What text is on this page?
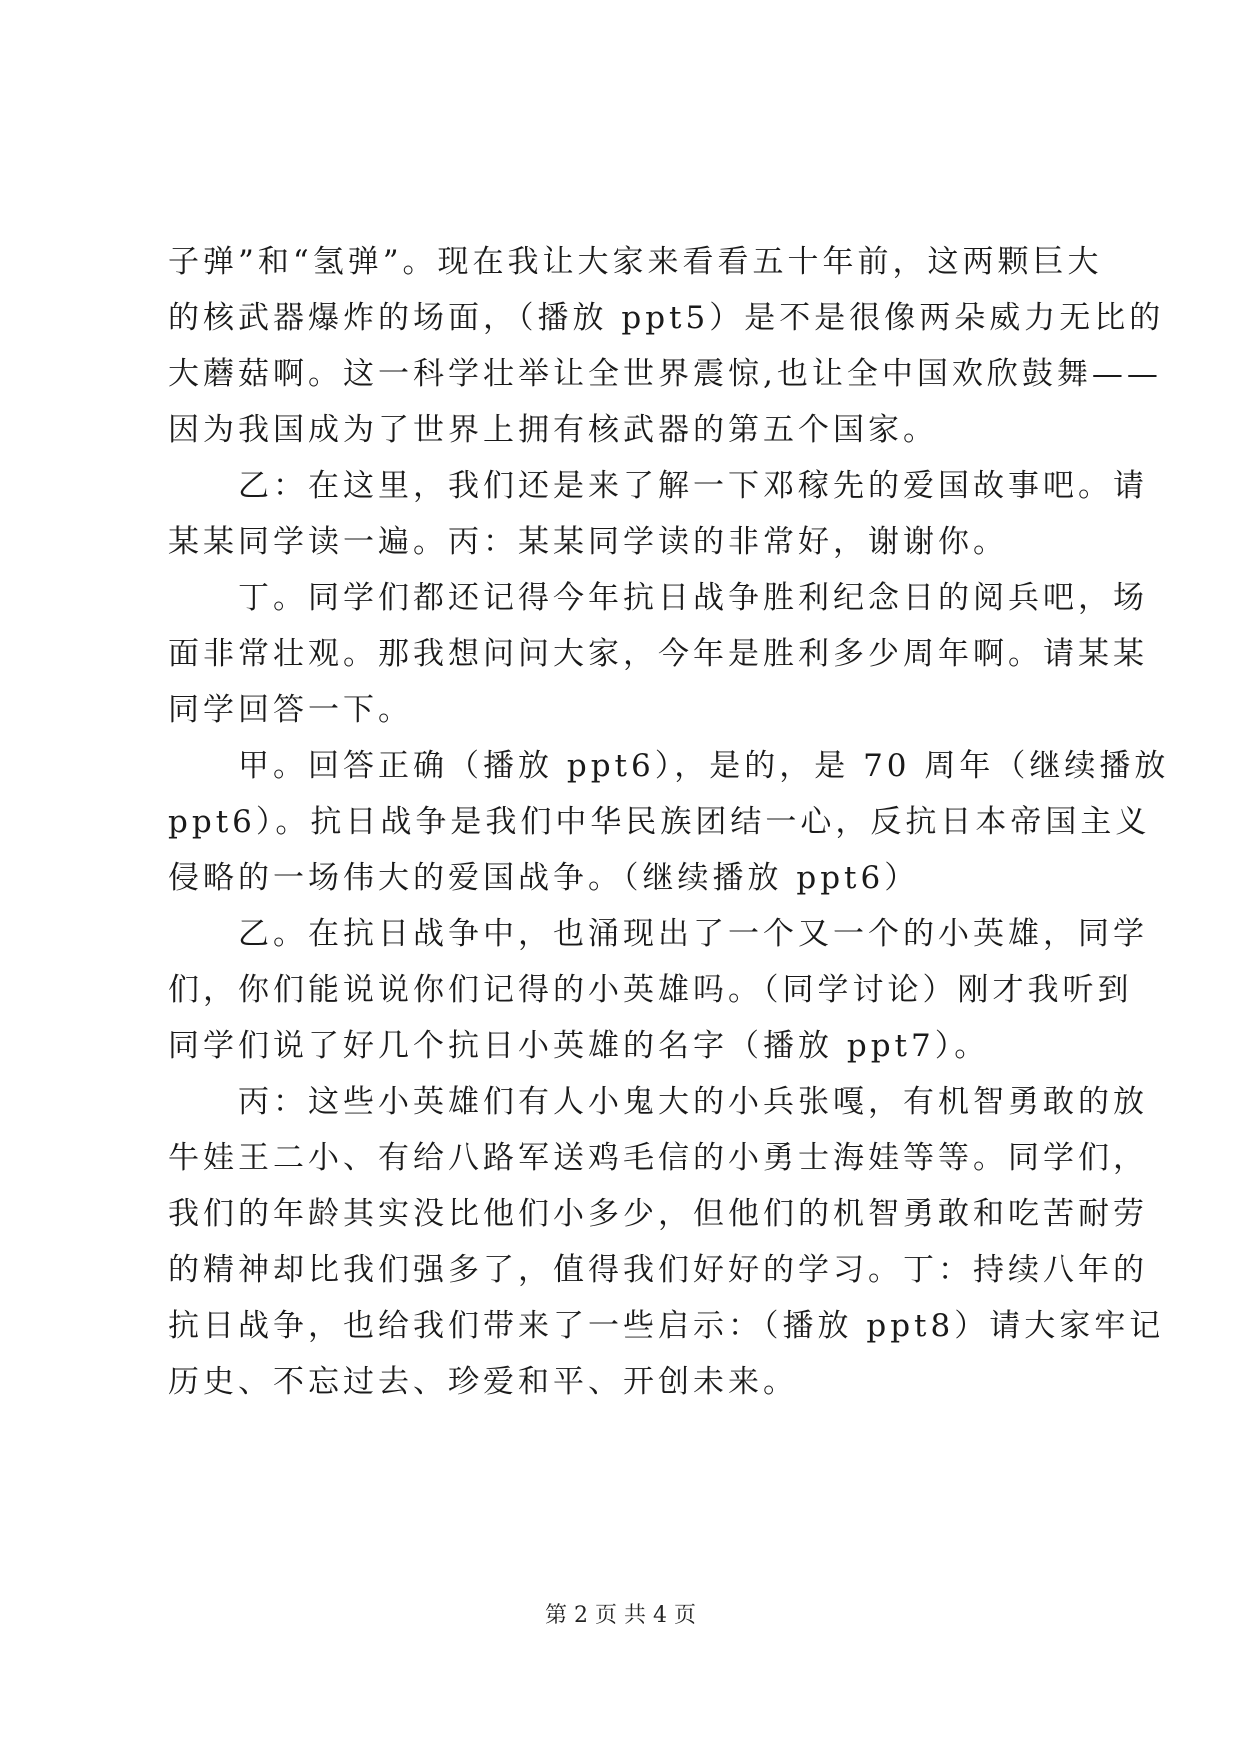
子弹”和“氢弹”。现在我让大家来看看五十年前，这两颗巨大
的核武器爆炸的场面，（播放 ppt5）是不是很像两朵威力无比的
大蘑菇啊。这一科学壮举让全世界震惊,也让全中国欢欣鼓舞——
因为我国成为了世界上拥有核武器的第五个国家。
　　乙：在这里，我们还是来了解一下邓稼先的爱国故事吧。请
某某同学读一遍。丙：某某同学读的非常好，谢谢你。
　　丁。同学们都还记得今年抗日战争胜利纪念日的阅兵吧，场
面非常壮观。那我想问问大家，今年是胜利多少周年啊。请某某
同学回答一下。
　　甲。回答正确（播放 ppt6），是的，是 70 周年（继续播放
ppt6）。抗日战争是我们中华民族团结一心，反抗日本帝国主义
侵略的一场伟大的爱国战争。（继续播放 ppt6）
　　乙。在抗日战争中，也涌现出了一个又一个的小英雄，同学
们，你们能说说你们记得的小英雄吗。（同学讨论）刚才我听到
同学们说了好几个抗日小英雄的名字（播放 ppt7）。
　　丙：这些小英雄们有人小鬼大的小兵张嘎，有机智勇敢的放
牛娃王二小、有给八路军送鸡毛信的小勇士海娃等等。同学们，
我们的年龄其实没比他们小多少，但他们的机智勇敢和吃苦耐劳
的精神却比我们强多了，值得我们好好的学习。丁：持续八年的
抗日战争，也给我们带来了一些启示：（播放 ppt8）请大家牢记
历史、不忘过去、珍爱和平、开创未来。
第 2 页 共 4 页
